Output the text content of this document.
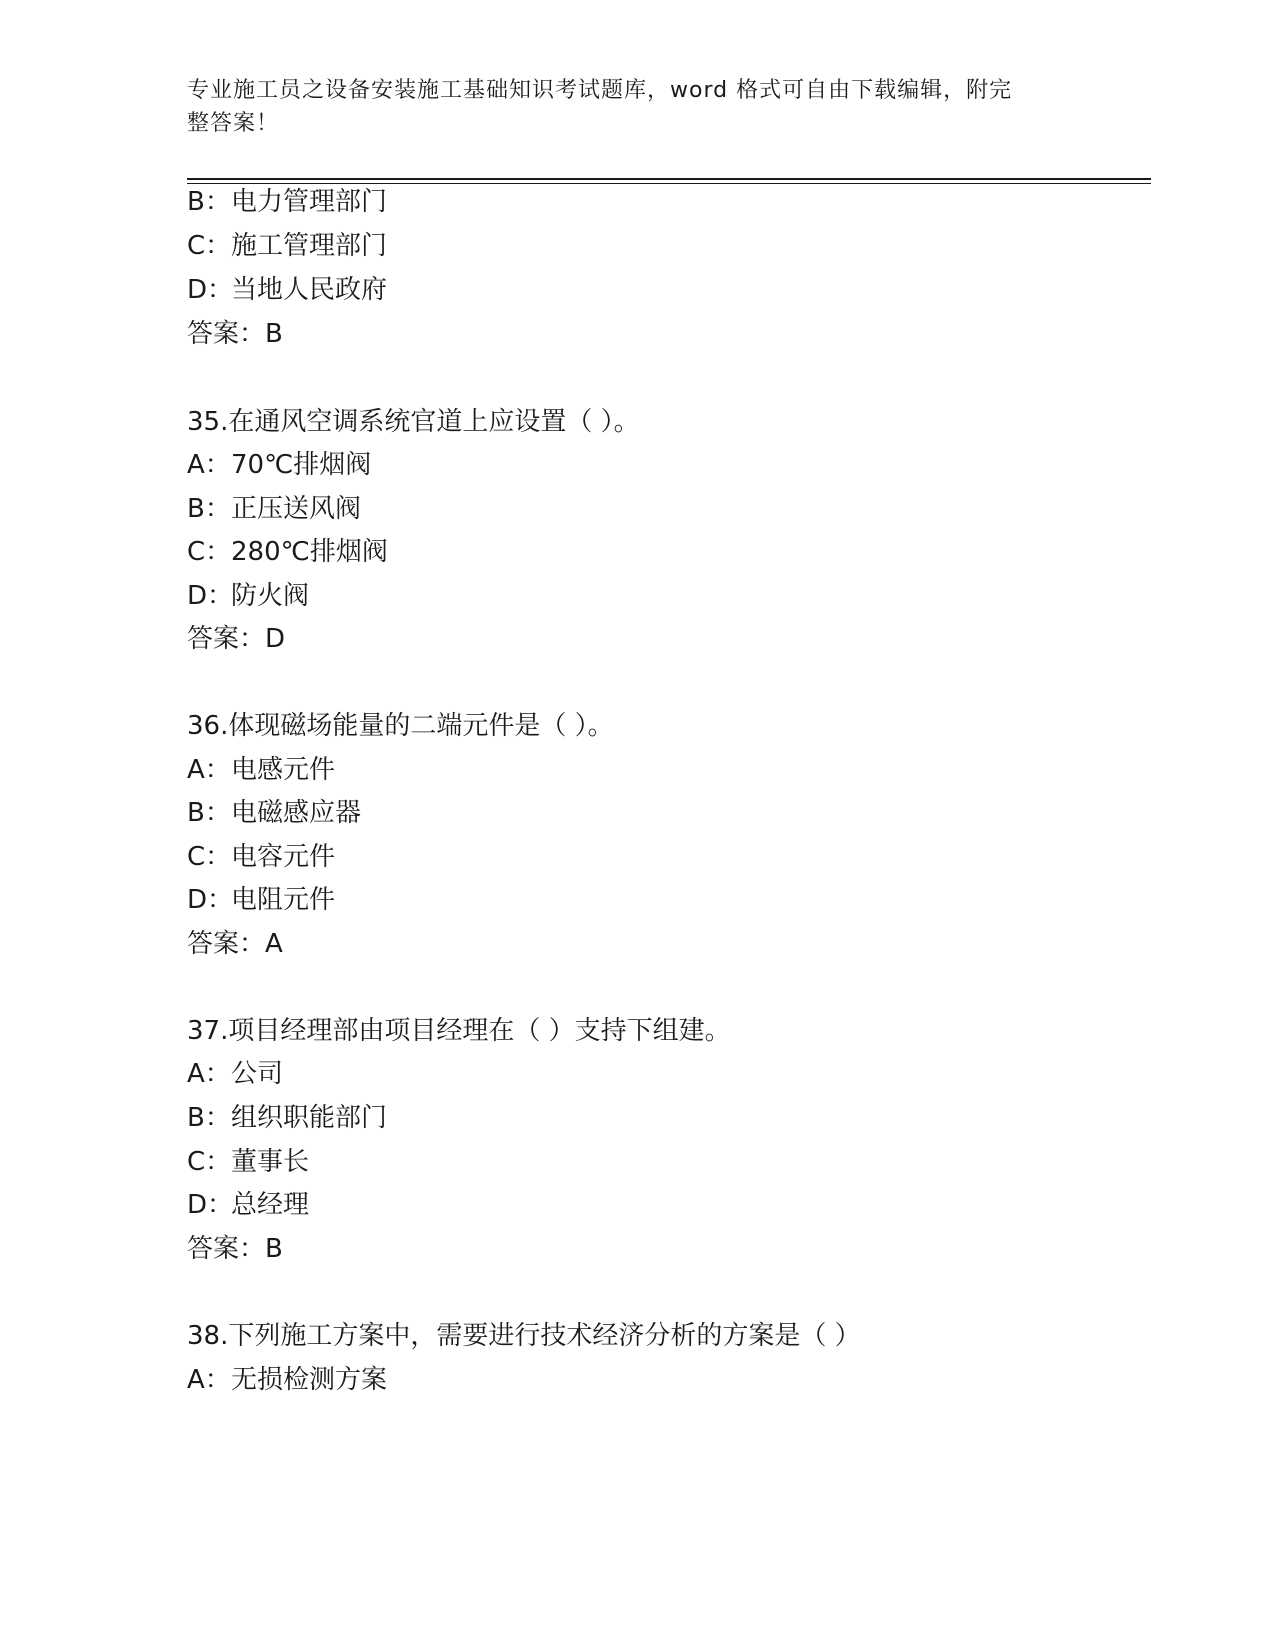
专业施工员之设备安装施工基础知识考试题库，word 格式可自由下载编辑，附完
整答案！
B：电力管理部门
C：施工管理部门
D：当地人民政府
答案：B
35.在通风空调系统官道上应设置（ ）。
A：70℃排烟阀
B：正压送风阀
C：280℃排烟阀
D：防火阀
答案：D
36.体现磁场能量的二端元件是（ ）。
A：电感元件
B：电磁感应器
C：电容元件
D：电阻元件
答案：A
37.项目经理部由项目经理在（ ）支持下组建。
A：公司
B：组织职能部门
C：董事长
D：总经理
答案：B
38.下列施工方案中，需要进行技术经济分析的方案是（ ）
A：无损检测方案
